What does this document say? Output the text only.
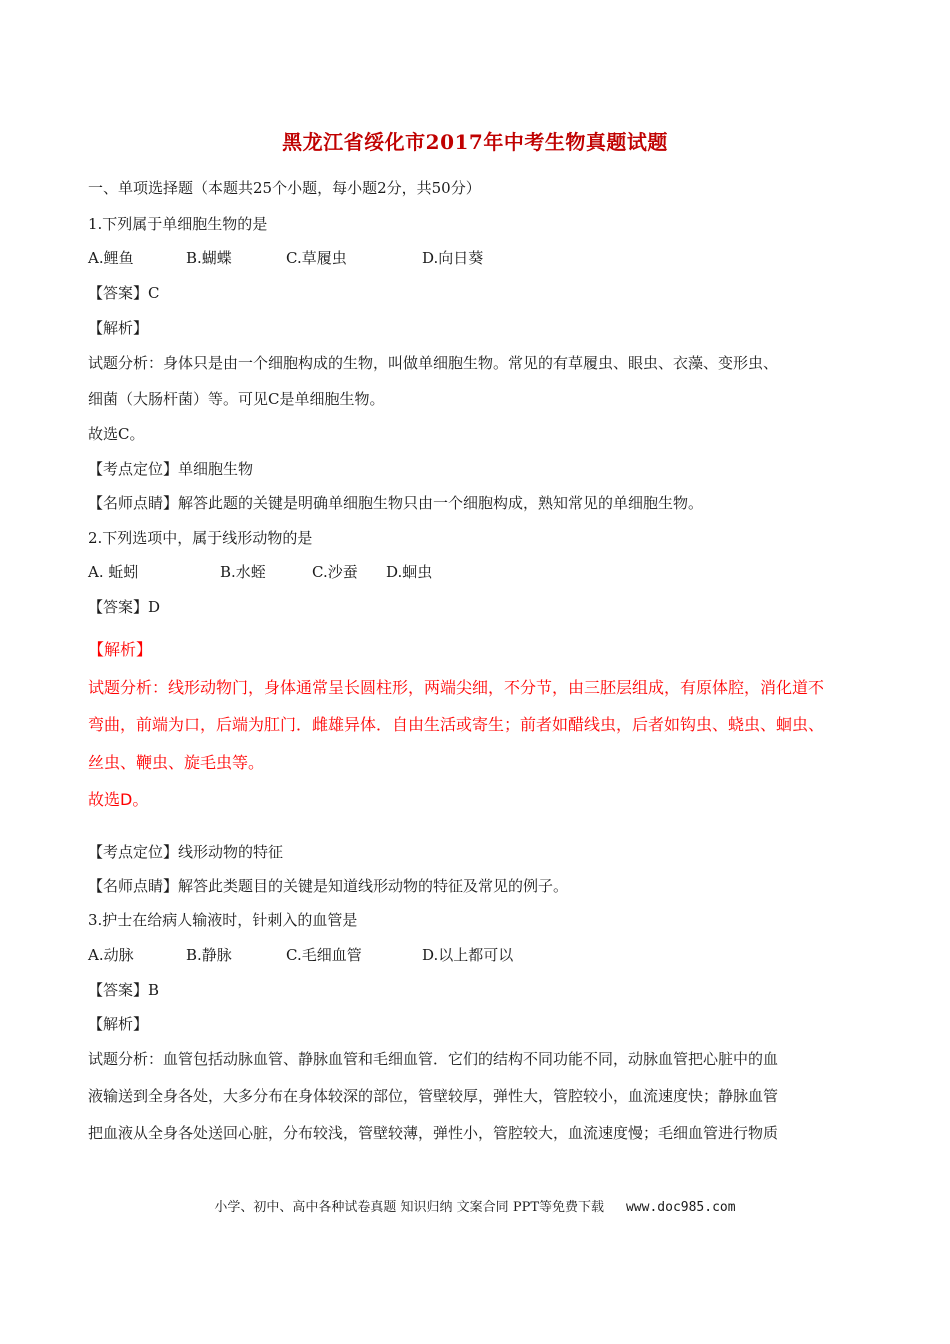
黑龙江省绥化市2017年中考生物真题试题
一、单项选择题（本题共25个小题，每小题2分，共50分）
1.下列属于单细胞生物的是
A.鲤鱼	B.蝴蝶	C.草履虫	D.向日葵
【答案】C
【解析】
试题分析：身体只是由一个细胞构成的生物，叫做单细胞生物。常见的有草履虫、眼虫、衣藻、变形虫、
细菌（大肠杆菌）等。可见C是单细胞生物。
故选C。
【考点定位】单细胞生物
【名师点睛】解答此题的关键是明确单细胞生物只由一个细胞构成，熟知常见的单细胞生物。
2.下列选项中，属于线形动物的是
A. 蚯蚓	B.水蛭	C.沙蚕 D.蛔虫
【答案】D
【解析】
试题分析：线形动物门，身体通常呈长圆柱形，两端尖细，不分节，由三胚层组成，有原体腔，消化道不
弯曲，前端为口，后端为肛门．雌雄异体．自由生活或寄生；前者如醋线虫，后者如钩虫、蛲虫、蛔虫、
丝虫、鞭虫、旋毛虫等。
故选D。
【考点定位】线形动物的特征
【名师点睛】解答此类题目的关键是知道线形动物的特征及常见的例子。
3.护士在给病人输液时，针刺入的血管是
A.动脉	B.静脉	C.毛细血管	D.以上都可以
【答案】B
【解析】
试题分析：血管包括动脉血管、静脉血管和毛细血管．它们的结构不同功能不同，动脉血管把心脏中的血
液输送到全身各处，大多分布在身体较深的部位，管壁较厚，弹性大，管腔较小，血流速度快；静脉血管
把血液从全身各处送回心脏，分布较浅，管壁较薄，弹性小，管腔较大，血流速度慢；毛细血管进行物质
小学、初中、高中各种试卷真题 知识归纳 文案合同 PPT等免费下载 www.doc985.com
